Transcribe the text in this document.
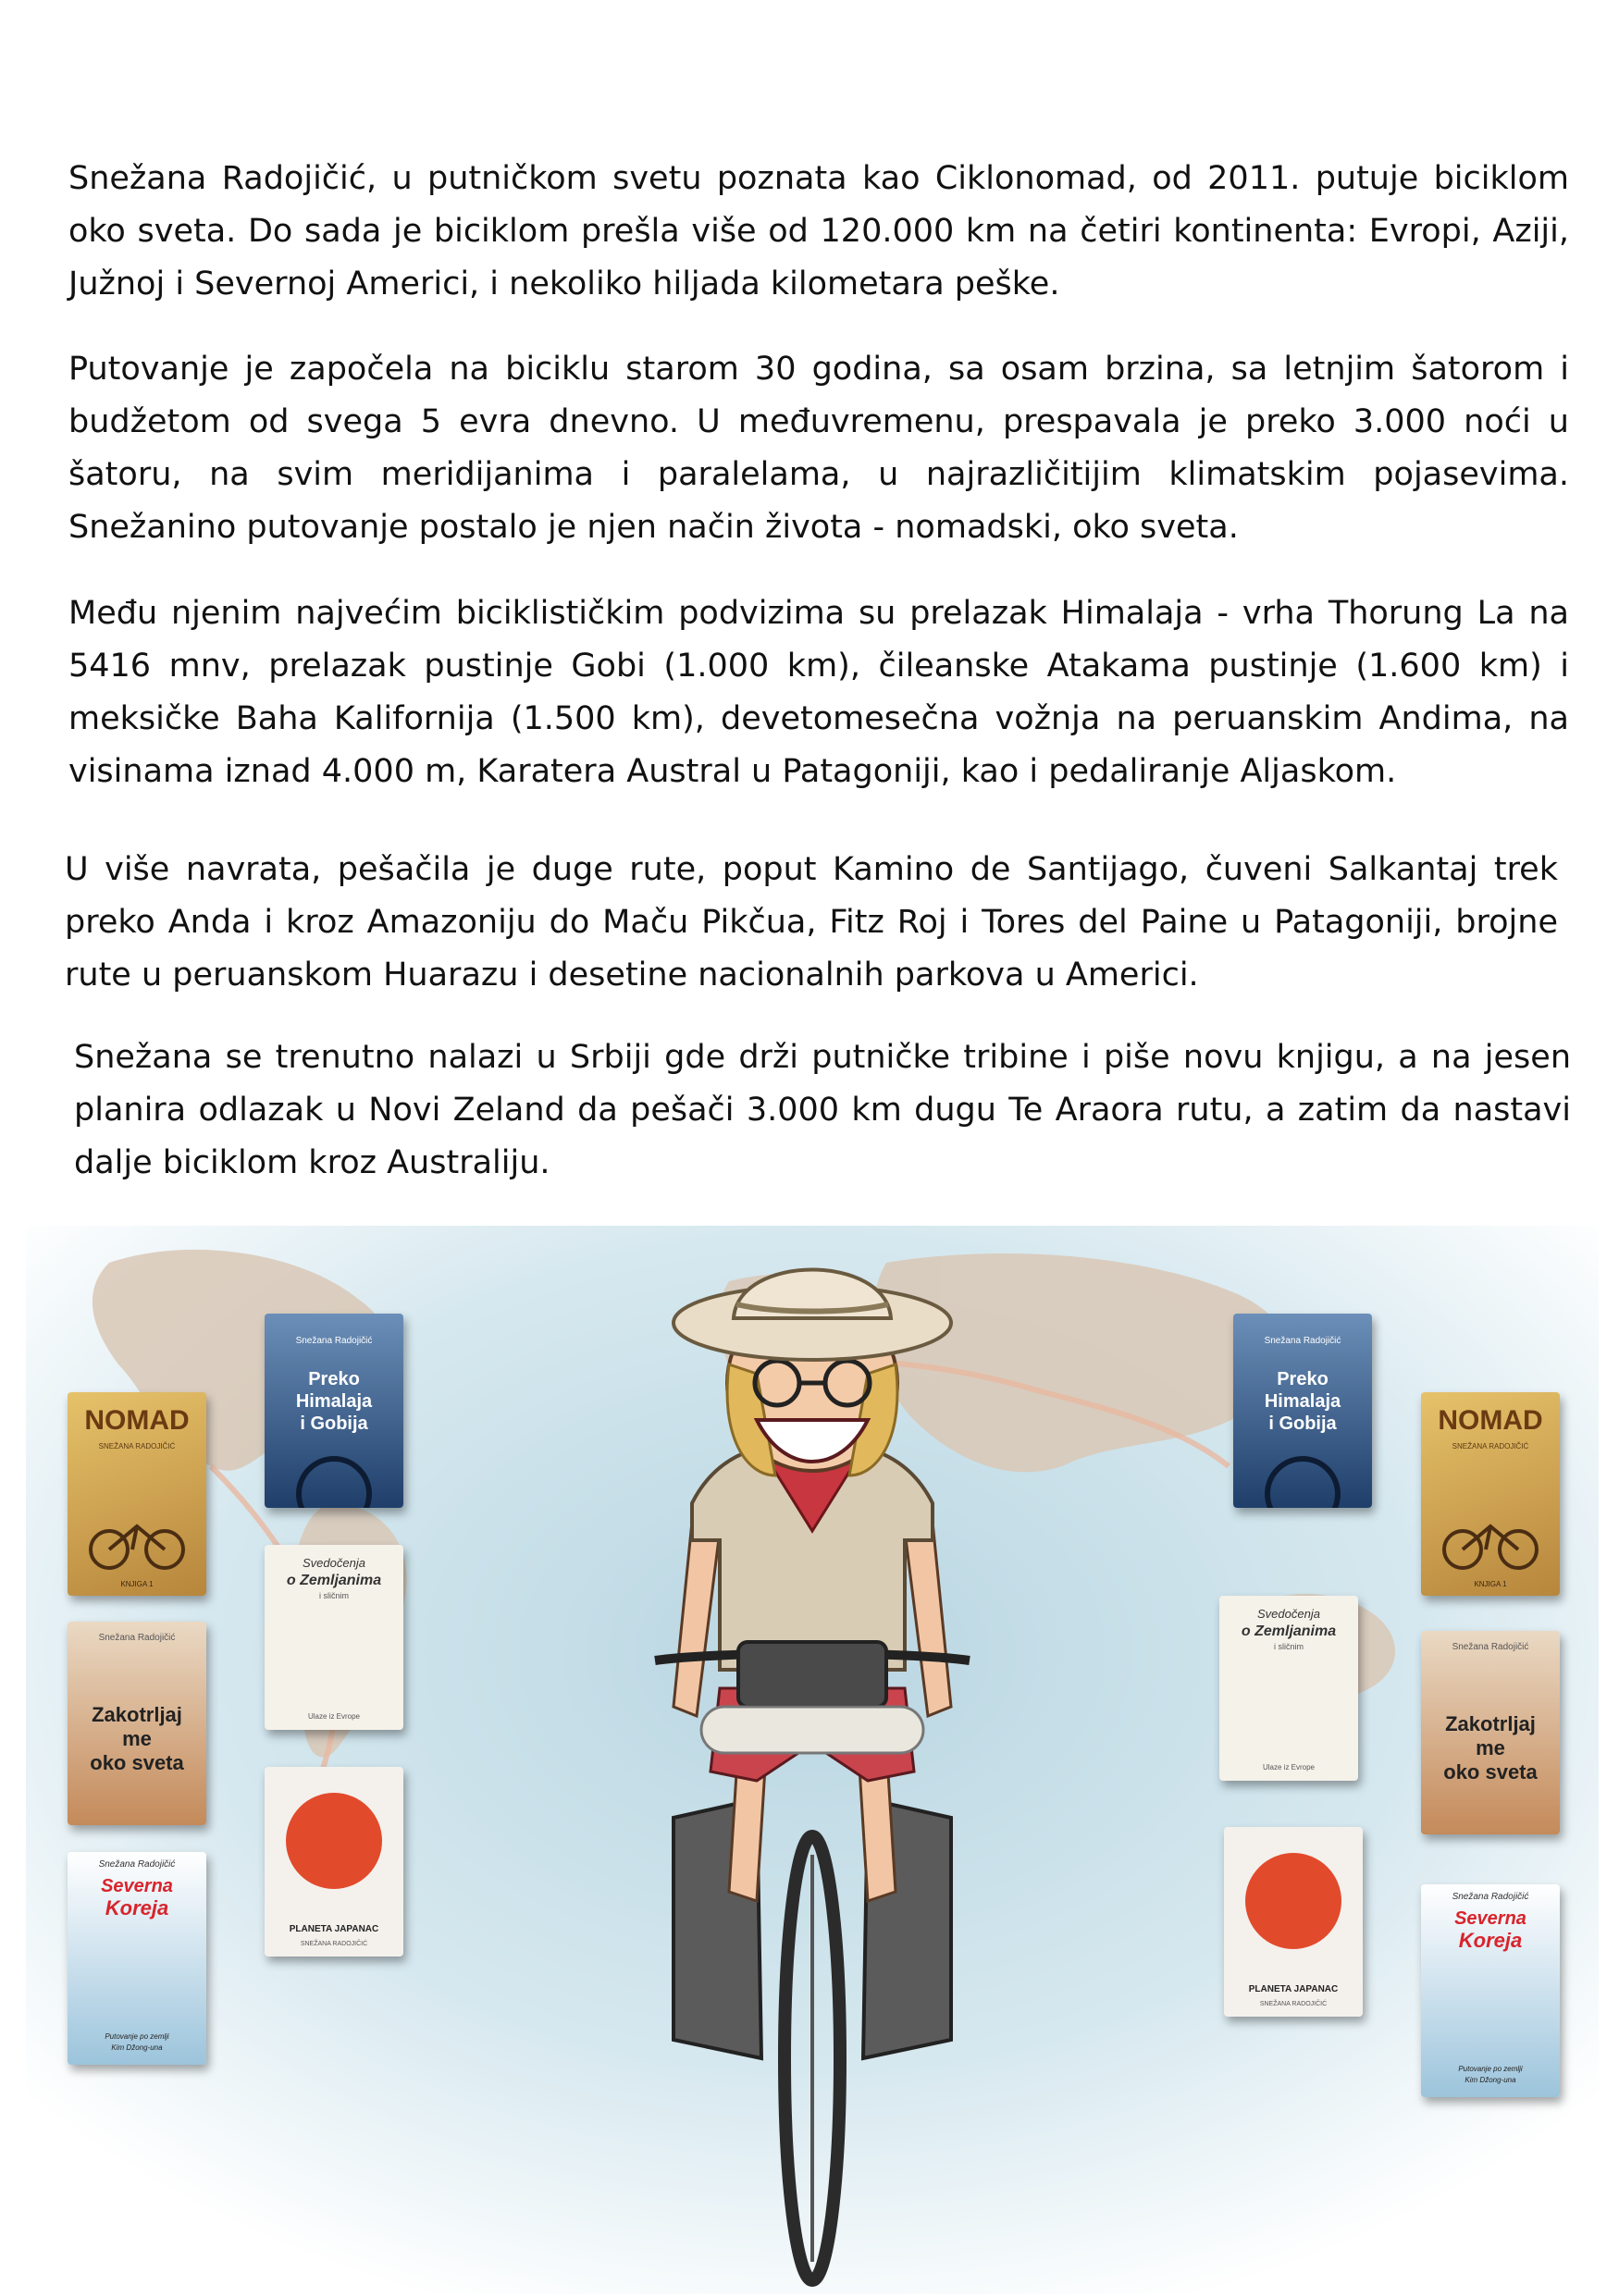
Snežana Radojičić, u putničkom svetu poznata kao Ciklonomad, od 2011. putuje biciklom oko sveta. Do sada je biciklom prešla više od 120.000 km na četiri kontinenta: Evropi, Aziji, Južnoj i Severnoj Americi, i nekoliko hiljada kilometara peške.

Putovanje je započela na biciklu starom 30 godina, sa osam brzina, sa letnjim šatorom i budžetom od svega 5 evra dnevno. U međuvremenu, prespavala je preko 3.000 noći u šatoru, na svim meridijanima i paralelama, u najrazličitijim klimatskim pojasevima. Snežanino putovanje postalo je njen način života - nomadski, oko sveta.

Među njenim najvećim biciklističkim podvizima su prelazak Himalaja - vrha Thorung La na 5416 mnv, prelazak pustinje Gobi (1.000 km), čileanske Atakama pustinje (1.600 km) i meksičke Baha Kalifornija (1.500 km), devetomesečna vožnja na peruanskim Andima, na visinama iznad 4.000 m, Karatera Austral u Patagoniji, kao i pedaliranje Aljaskom.

U više navrata, pešačila je duge rute, poput Kamino de Santijago, čuveni Salkantaj trek preko Anda i kroz Amazoniju do Maču Pikčua, Fitz Roj i Tores del Paine u Patagoniji, brojne rute u peruanskom Huarazu i desetine nacionalnih parkova u Americi.

Snežana se trenutno nalazi u Srbiji gde drži putničke tribine i piše novu knjigu, a na jesen planira odlazak u Novi Zeland da pešači 3.000 km dugu Te Araora rutu, a zatim da nastavi dalje biciklom kroz Australiju.

NOMAD
SNEŽANA RADOJIČIĆ
KNJIGA 1
Snežana Radojičić
Preko
Himalaja
i Gobija
Snežana Radojičić
Zakotrljaj
me
oko sveta
Svedočenja
o Zemljanima
i sličnim
Ulaze iz Evrope
Snežana Radojičić
Severna
Koreja
Putovanje po zemlji
Kim Džong-una
PLANETA JAPANAC
SNEŽANA RADOJIČIĆ
Snežana Radojičić
Preko
Himalaja
i Gobija	NOMAD
SNEŽANA RADOJIČIĆ
KNJIGA 1
Svedočenja
o Zemljanima
i sličnim
Ulaze iz Evrope
Snežana Radojičić
Zakotrljaj
me
oko sveta
PLANETA JAPANAC
SNEŽANA RADOJIČIĆ
Snežana Radojičić
Severna
Koreja
Putovanje po zemlji
Kim Džong-una
